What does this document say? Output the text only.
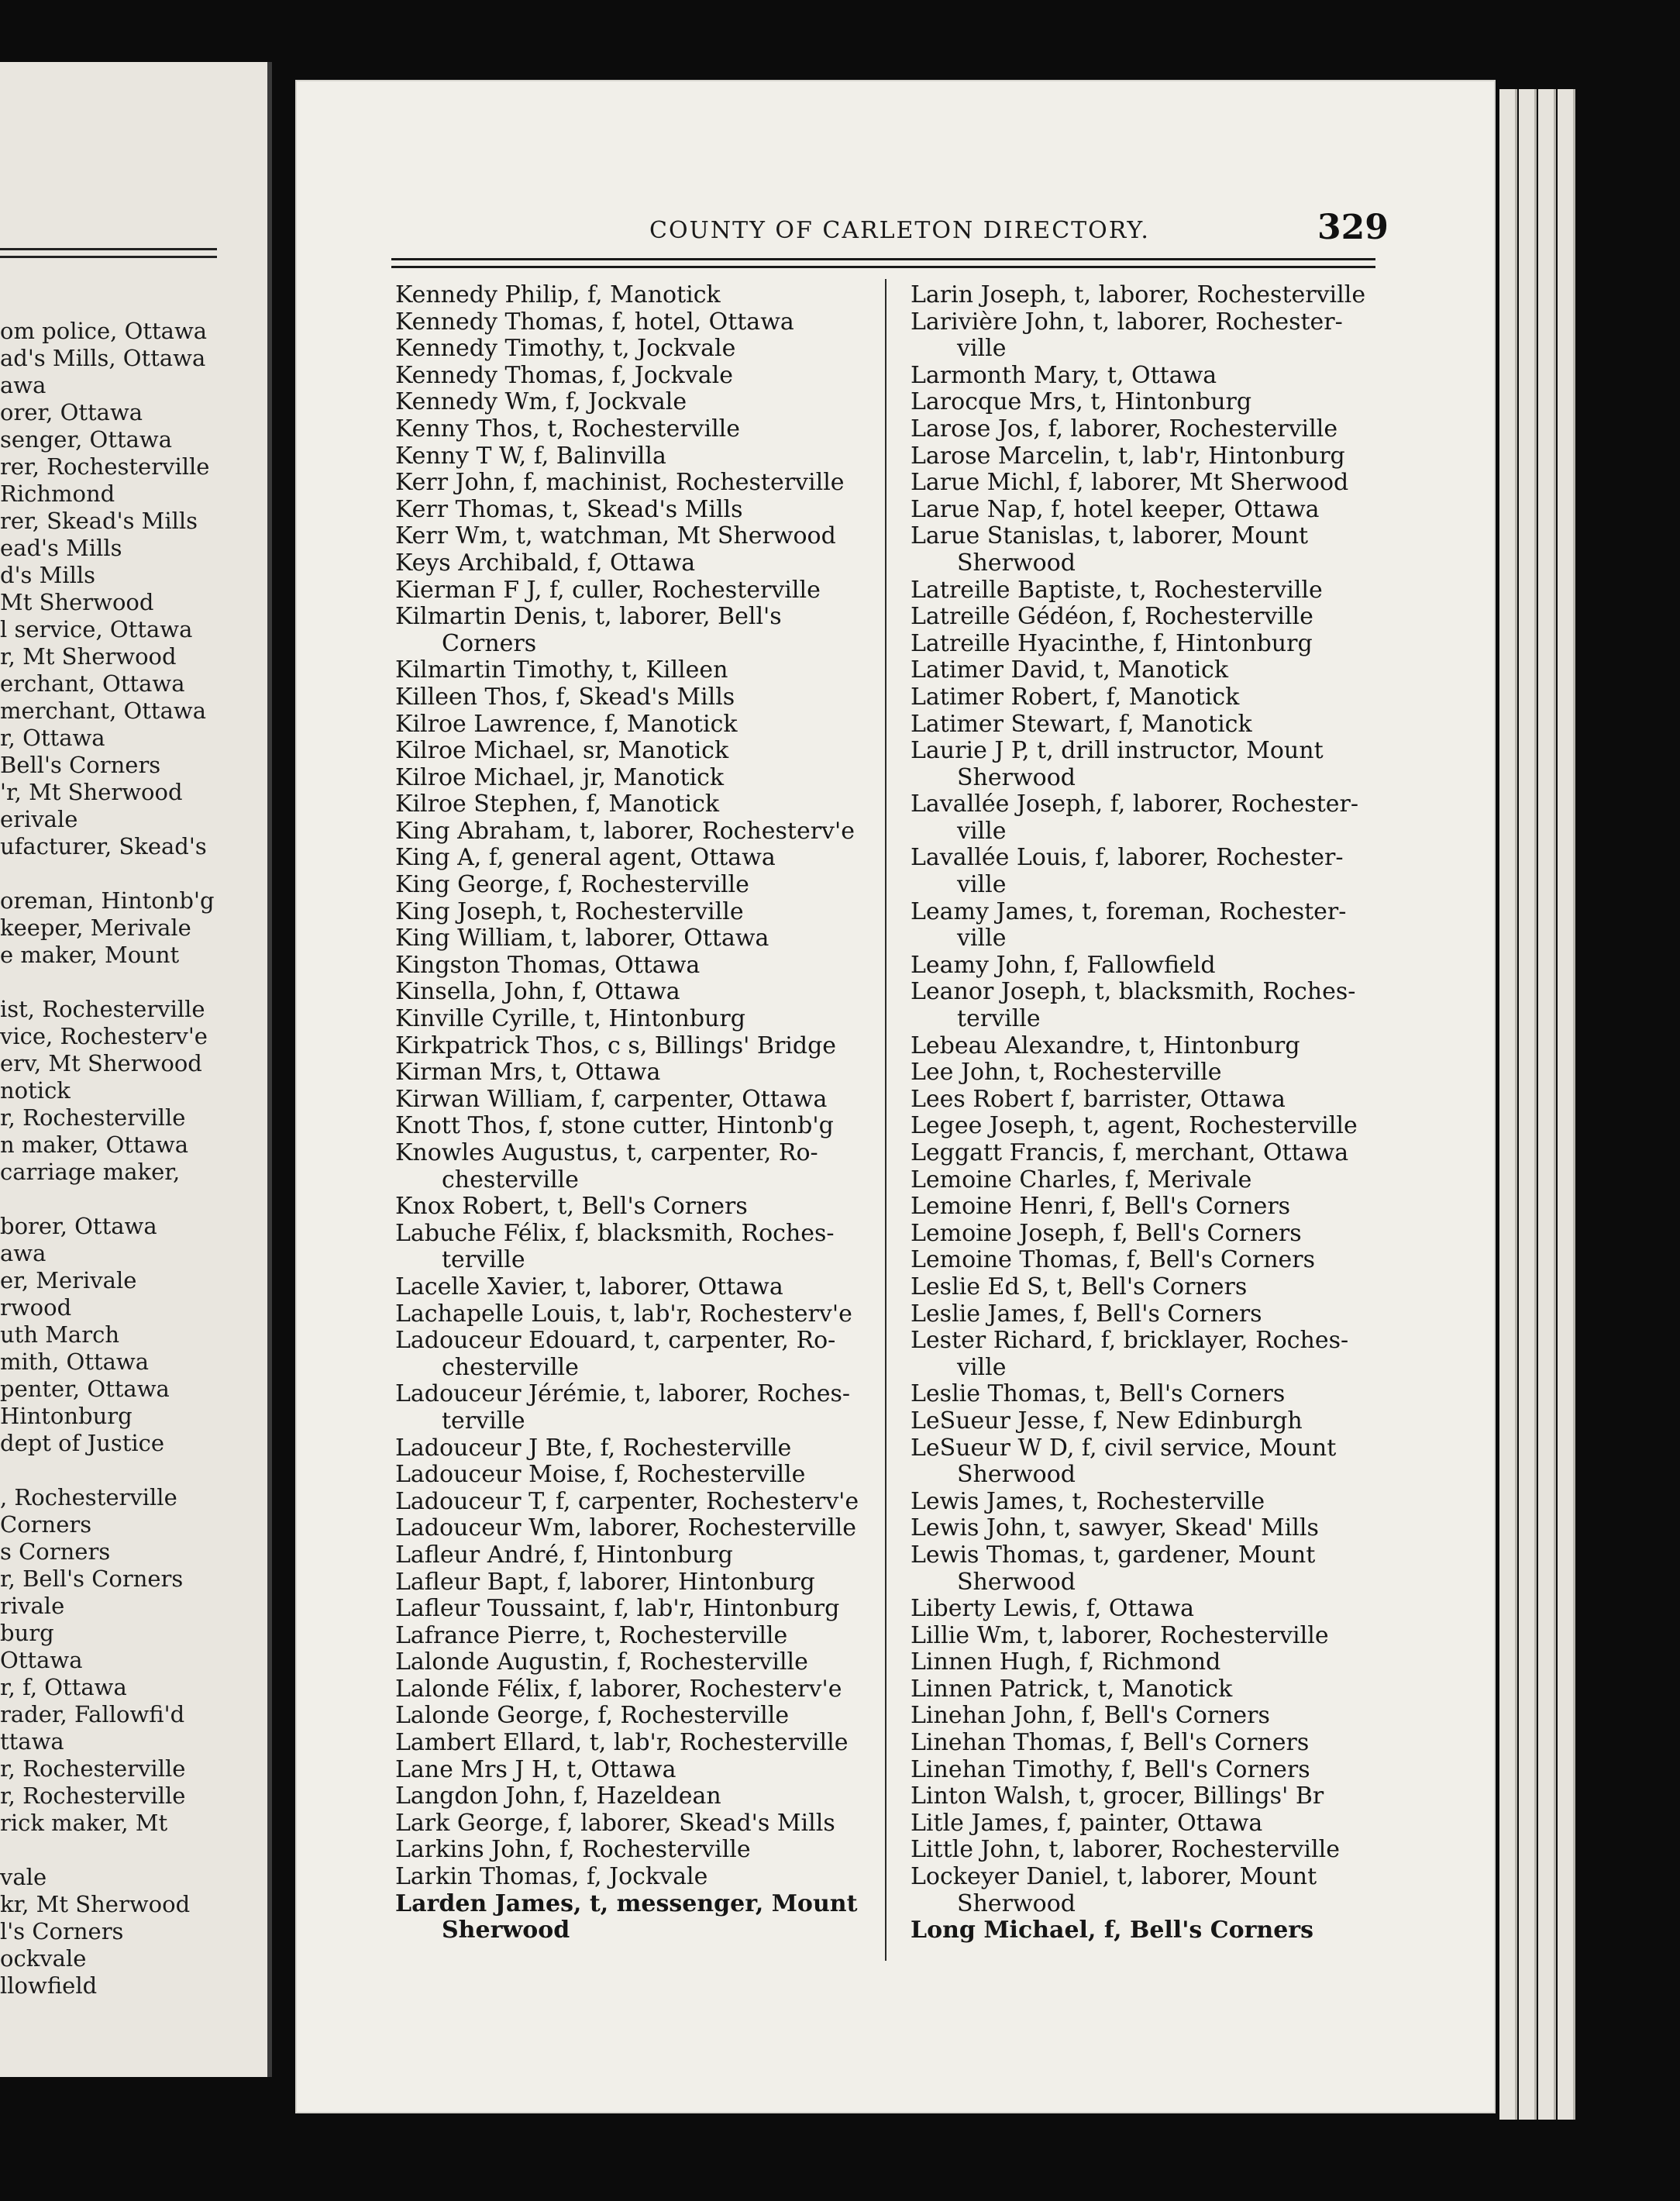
om police, Ottawa
ad's Mills, Ottawa
awa
orer, Ottawa
senger, Ottawa
rer, Rochesterville
Richmond
rer, Skead's Mills
ead's Mills
d's Mills
Mt Sherwood
l service, Ottawa
r, Mt Sherwood
erchant, Ottawa
merchant, Ottawa
r, Ottawa
Bell's Corners
'r, Mt Sherwood
erivale
ufacturer, Skead's
oreman, Hintonb'g
keeper, Merivale
e maker, Mount
ist, Rochesterville
vice, Rochesterv'e
erv, Mt Sherwood
notick
r, Rochesterville
n maker, Ottawa
carriage maker,
borer, Ottawa
awa
er, Merivale
rwood
uth March
mith, Ottawa
penter, Ottawa
Hintonburg
dept of Justice
, Rochesterville
Corners
s Corners
r, Bell's Corners
rivale
burg
Ottawa
r, f, Ottawa
rader, Fallowfi'd
ttawa
r, Rochesterville
r, Rochesterville
rick maker, Mt
vale
kr, Mt Sherwood
l's Corners
ockvale
llowfield
COUNTY OF CARLETON DIRECTORY.	329
Kennedy Philip, f, Manotick
Kennedy Thomas, f, hotel, Ottawa
Kennedy Timothy, t, Jockvale
Kennedy Thomas, f, Jockvale
Kennedy Wm, f, Jockvale
Kenny Thos, t, Rochesterville
Kenny T W, f, Balinvilla
Kerr John, f, machinist, Rochesterville
Kerr Thomas, t, Skead's Mills
Kerr Wm, t, watchman, Mt Sherwood
Keys Archibald, f, Ottawa
Kierman F J, f, culler, Rochesterville
Kilmartin Denis, t, laborer, Bell's
Corners
Kilmartin Timothy, t, Killeen
Killeen Thos, f, Skead's Mills
Kilroe Lawrence, f, Manotick
Kilroe Michael, sr, Manotick
Kilroe Michael, jr, Manotick
Kilroe Stephen, f, Manotick
King Abraham, t, laborer, Rochesterv'e
King A, f, general agent, Ottawa
King George, f, Rochesterville
King Joseph, t, Rochesterville
King William, t, laborer, Ottawa
Kingston Thomas, Ottawa
Kinsella, John, f, Ottawa
Kinville Cyrille, t, Hintonburg
Kirkpatrick Thos, c s, Billings' Bridge
Kirman Mrs, t, Ottawa
Kirwan William, f, carpenter, Ottawa
Knott Thos, f, stone cutter, Hintonb'g
Knowles Augustus, t, carpenter, Ro-
chesterville
Knox Robert, t, Bell's Corners
Labuche Félix, f, blacksmith, Roches-
terville
Lacelle Xavier, t, laborer, Ottawa
Lachapelle Louis, t, lab'r, Rochesterv'e
Ladouceur Edouard, t, carpenter, Ro-
chesterville
Ladouceur Jérémie, t, laborer, Roches-
terville
Ladouceur J Bte, f, Rochesterville
Ladouceur Moise, f, Rochesterville
Ladouceur T, f, carpenter, Rochesterv'e
Ladouceur Wm, laborer, Rochesterville
Lafleur André, f, Hintonburg
Lafleur Bapt, f, laborer, Hintonburg
Lafleur Toussaint, f, lab'r, Hintonburg
Lafrance Pierre, t, Rochesterville
Lalonde Augustin, f, Rochesterville
Lalonde Félix, f, laborer, Rochesterv'e
Lalonde George, f, Rochesterville
Lambert Ellard, t, lab'r, Rochesterville
Lane Mrs J H, t, Ottawa
Langdon John, f, Hazeldean
Lark George, f, laborer, Skead's Mills
Larkins John, f, Rochesterville
Larkin Thomas, f, Jockvale
Larden James, t, messenger, Mount
Sherwood
Larin Joseph, t, laborer, Rochesterville
Larivière John, t, laborer, Rochester-
ville
Larmonth Mary, t, Ottawa
Larocque Mrs, t, Hintonburg
Larose Jos, f, laborer, Rochesterville
Larose Marcelin, t, lab'r, Hintonburg
Larue Michl, f, laborer, Mt Sherwood
Larue Nap, f, hotel keeper, Ottawa
Larue Stanislas, t, laborer, Mount
Sherwood
Latreille Baptiste, t, Rochesterville
Latreille Gédéon, f, Rochesterville
Latreille Hyacinthe, f, Hintonburg
Latimer David, t, Manotick
Latimer Robert, f, Manotick
Latimer Stewart, f, Manotick
Laurie J P, t, drill instructor, Mount
Sherwood
Lavallée Joseph, f, laborer, Rochester-
ville
Lavallée Louis, f, laborer, Rochester-
ville
Leamy James, t, foreman, Rochester-
ville
Leamy John, f, Fallowfield
Leanor Joseph, t, blacksmith, Roches-
terville
Lebeau Alexandre, t, Hintonburg
Lee John, t, Rochesterville
Lees Robert f, barrister, Ottawa
Legee Joseph, t, agent, Rochesterville
Leggatt Francis, f, merchant, Ottawa
Lemoine Charles, f, Merivale
Lemoine Henri, f, Bell's Corners
Lemoine Joseph, f, Bell's Corners
Lemoine Thomas, f, Bell's Corners
Leslie Ed S, t, Bell's Corners
Leslie James, f, Bell's Corners
Lester Richard, f, bricklayer, Roches-
ville
Leslie Thomas, t, Bell's Corners
LeSueur Jesse, f, New Edinburgh
LeSueur W D, f, civil service, Mount
Sherwood
Lewis James, t, Rochesterville
Lewis John, t, sawyer, Skead' Mills
Lewis Thomas, t, gardener, Mount
Sherwood
Liberty Lewis, f, Ottawa
Lillie Wm, t, laborer, Rochesterville
Linnen Hugh, f, Richmond
Linnen Patrick, t, Manotick
Linehan John, f, Bell's Corners
Linehan Thomas, f, Bell's Corners
Linehan Timothy, f, Bell's Corners
Linton Walsh, t, grocer, Billings' Br
Litle James, f, painter, Ottawa
Little John, t, laborer, Rochesterville
Lockeyer Daniel, t, laborer, Mount
Sherwood
Long Michael, f, Bell's Corners
